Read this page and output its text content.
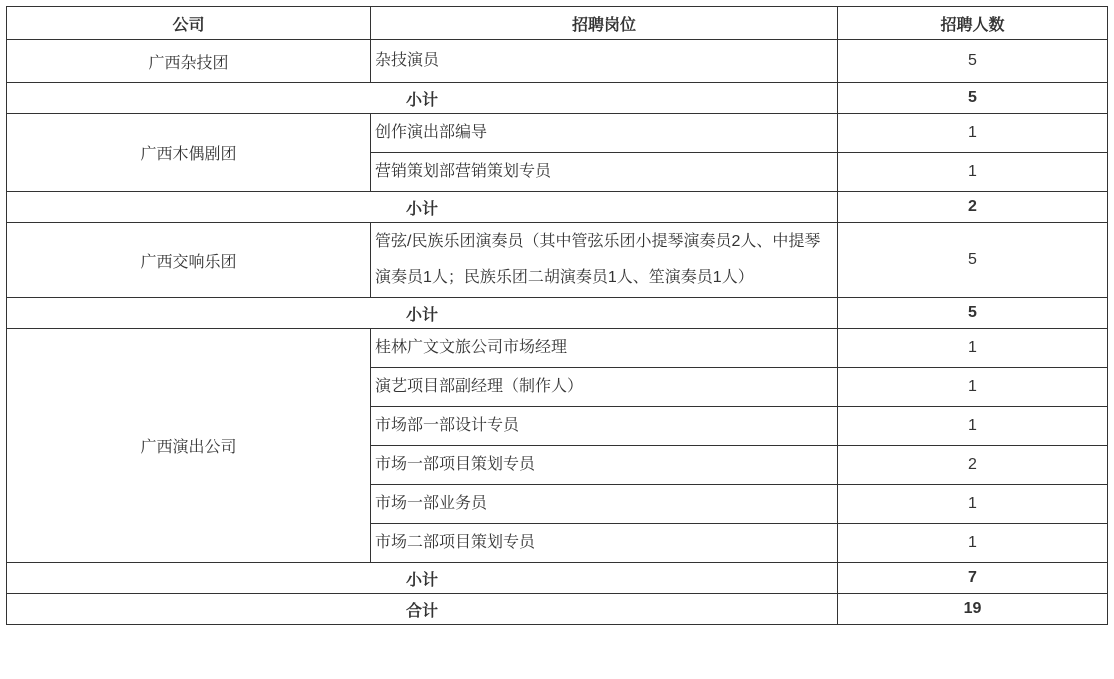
公司	招聘岗位	招聘人数
广西杂技团	杂技演员	5
小计		5
广西木偶剧团	创作演出部编导	1
	营销策划部营销策划专员	1
小计		2
广西交响乐团	管弦/民族乐团演奏员（其中管弦乐团小提琴演奏员2人、中提琴演奏员1人；民族乐团二胡演奏员1人、笙演奏员1人）	5
小计		5
广西演出公司	桂林广文文旅公司市场经理	1
	演艺项目部副经理（制作人）	1
	市场部一部设计专员	1
	市场一部项目策划专员	2
	市场一部业务员	1
	市场二部项目策划专员	1
小计		7
合计		19
